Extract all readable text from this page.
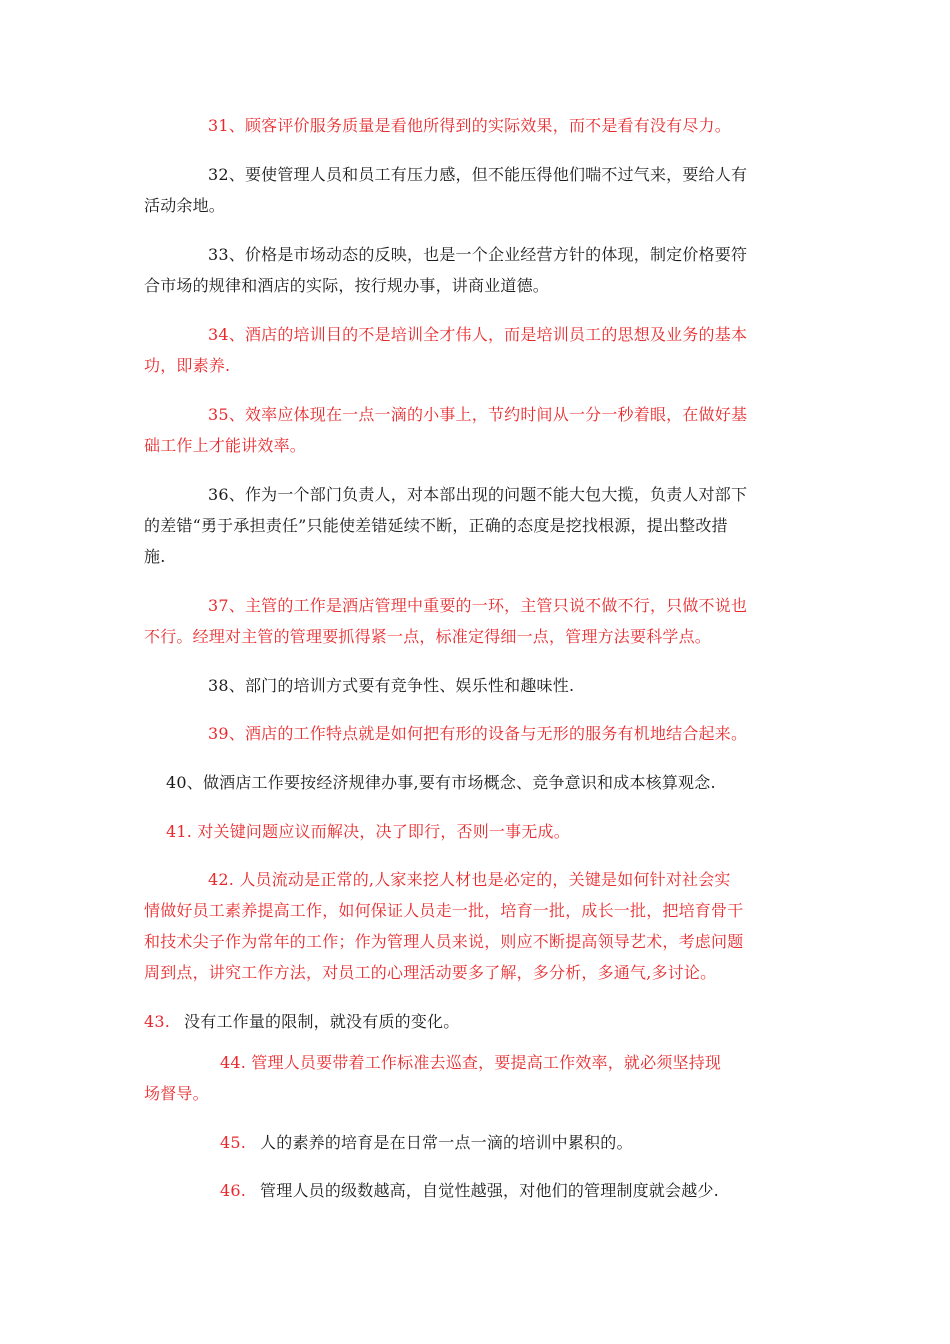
31、顾客评价服务质量是看他所得到的实际效果，而不是看有没有尽力。
32、要使管理人员和员工有压力感，但不能压得他们喘不过气来，要给人有
活动余地。
33、价格是市场动态的反映，也是一个企业经营方针的体现，制定价格要符
合市场的规律和酒店的实际，按行规办事，讲商业道德。
34、酒店的培训目的不是培训全才伟人，而是培训员工的思想及业务的基本
功，即素养.
35、效率应体现在一点一滴的小事上，节约时间从一分一秒着眼，在做好基
础工作上才能讲效率。
36、作为一个部门负责人，对本部出现的问题不能大包大揽，负责人对部下
的差错“勇于承担责任”只能使差错延续不断，正确的态度是挖找根源，提出整改措
施.
37、主管的工作是酒店管理中重要的一环，主管只说不做不行，只做不说也
不行。经理对主管的管理要抓得紧一点，标准定得细一点，管理方法要科学点。
38、部门的培训方式要有竞争性、娱乐性和趣味性.
39、酒店的工作特点就是如何把有形的设备与无形的服务有机地结合起来。
40、做酒店工作要按经济规律办事,要有市场概念、竞争意识和成本核算观念.
41. 对关键问题应议而解决，决了即行，否则一事无成。
42. 人员流动是正常的,人家来挖人材也是必定的，关键是如何针对社会实
情做好员工素养提高工作，如何保证人员走一批，培育一批，成长一批，把培育骨干
和技术尖子作为常年的工作；作为管理人员来说，则应不断提高领导艺术，考虑问题
周到点，讲究工作方法，对员工的心理活动要多了解，多分析，多通气,多讨论。
43. 没有工作量的限制，就没有质的变化。
44. 管理人员要带着工作标准去巡查，要提高工作效率，就必须坚持现
场督导。
45. 人的素养的培育是在日常一点一滴的培训中累积的。
46. 管理人员的级数越高，自觉性越强，对他们的管理制度就会越少.
